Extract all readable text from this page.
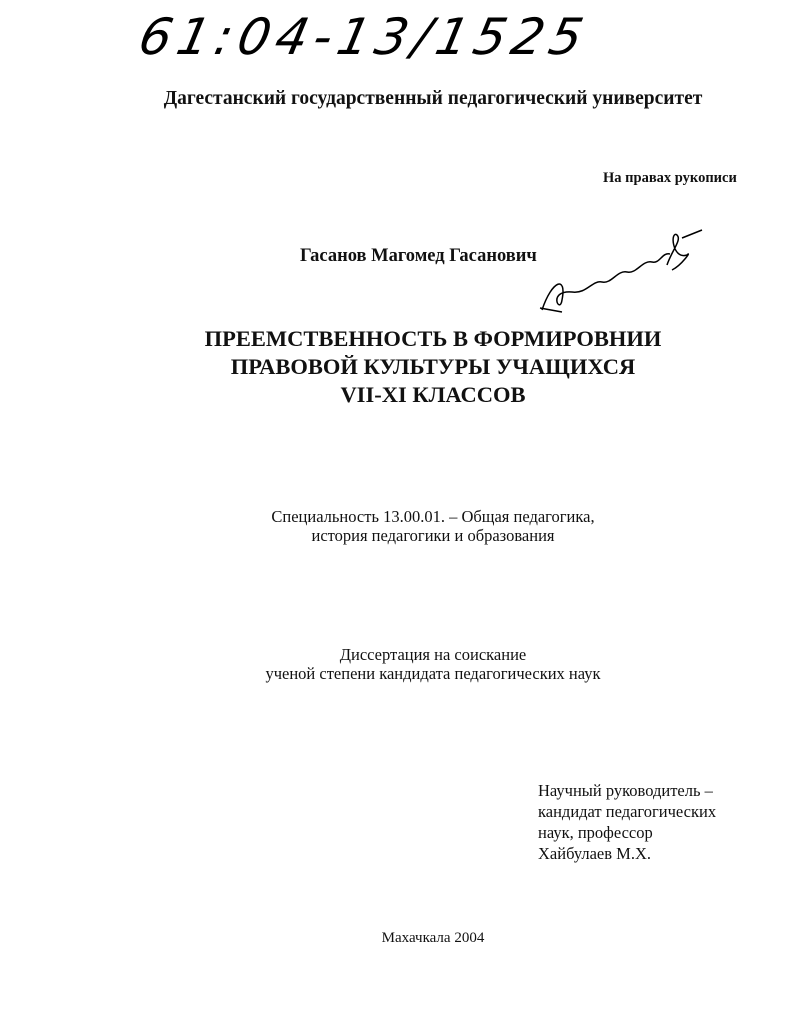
61:04-13/1525
Дагестанский государственный педагогический университет
На правах рукописи
Гасанов Магомед Гасанович
ПРЕЕМСТВЕННОСТЬ В ФОРМИРОВНИИ
ПРАВОВОЙ КУЛЬТУРЫ УЧАЩИХСЯ
VII-XI КЛАССОВ
Специальность 13.00.01. – Общая педагогика,
история педагогики и образования
Диссертация на соискание
ученой степени кандидата педагогических наук
Научный руководитель –
кандидат педагогических
наук, профессор
Хайбулаев М.Х.
Махачкала 2004
